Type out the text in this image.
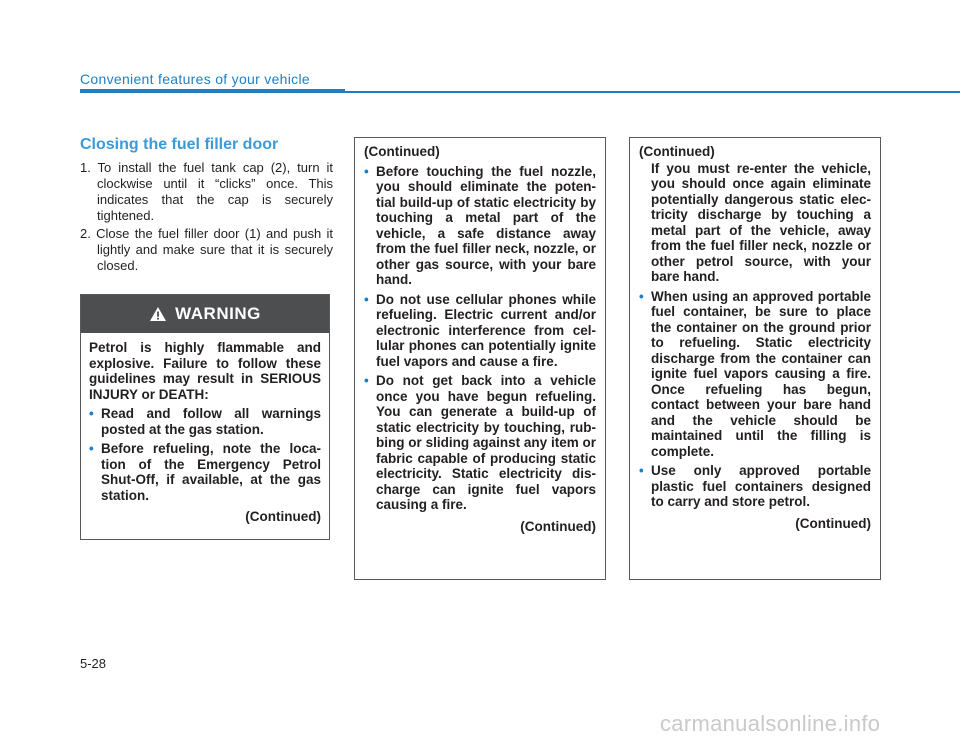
Convenient features of your vehicle
Closing the fuel filler door
1. To install the fuel tank cap (2), turn it clockwise until it “clicks” once. This indicates that the cap is securely tightened.
2. Close the fuel filler door (1) and push it lightly and make sure that it is securely closed.
WARNING
Petrol is highly flammable and explosive. Failure to follow these guidelines may result in SERIOUS INJURY or DEATH:
• Read and follow all warnings posted at the gas station.
• Before refueling, note the loca-tion of the Emergency Petrol Shut-Off, if available, at the gas station.
(Continued)
(Continued)
• Before touching the fuel nozzle, you should eliminate the poten-tial build-up of static electricity by touching a metal part of the vehicle, a safe distance away from the fuel filler neck, nozzle, or other gas source, with your bare hand.
• Do not use cellular phones while refueling. Electric current and/or electronic interference from cel-lular phones can potentially ignite fuel vapors and cause a fire.
• Do not get back into a vehicle once you have begun refueling. You can generate a build-up of static electricity by touching, rub-bing or sliding against any item or fabric capable of producing static electricity. Static electricity dis-charge can ignite fuel vapors causing a fire.
(Continued)
(Continued)
If you must re-enter the vehicle, you should once again eliminate potentially dangerous static elec-tricity discharge by touching a metal part of the vehicle, away from the fuel filler neck, nozzle or other petrol source, with your bare hand.
• When using an approved portable fuel container, be sure to place the container on the ground prior to refueling. Static electricity discharge from the container can ignite fuel vapors causing a fire. Once refueling has begun, contact between your bare hand and the vehicle should be maintained until the filling is complete.
• Use only approved portable plastic fuel containers designed to carry and store petrol.
(Continued)
5-28
carmanualsonline.info
